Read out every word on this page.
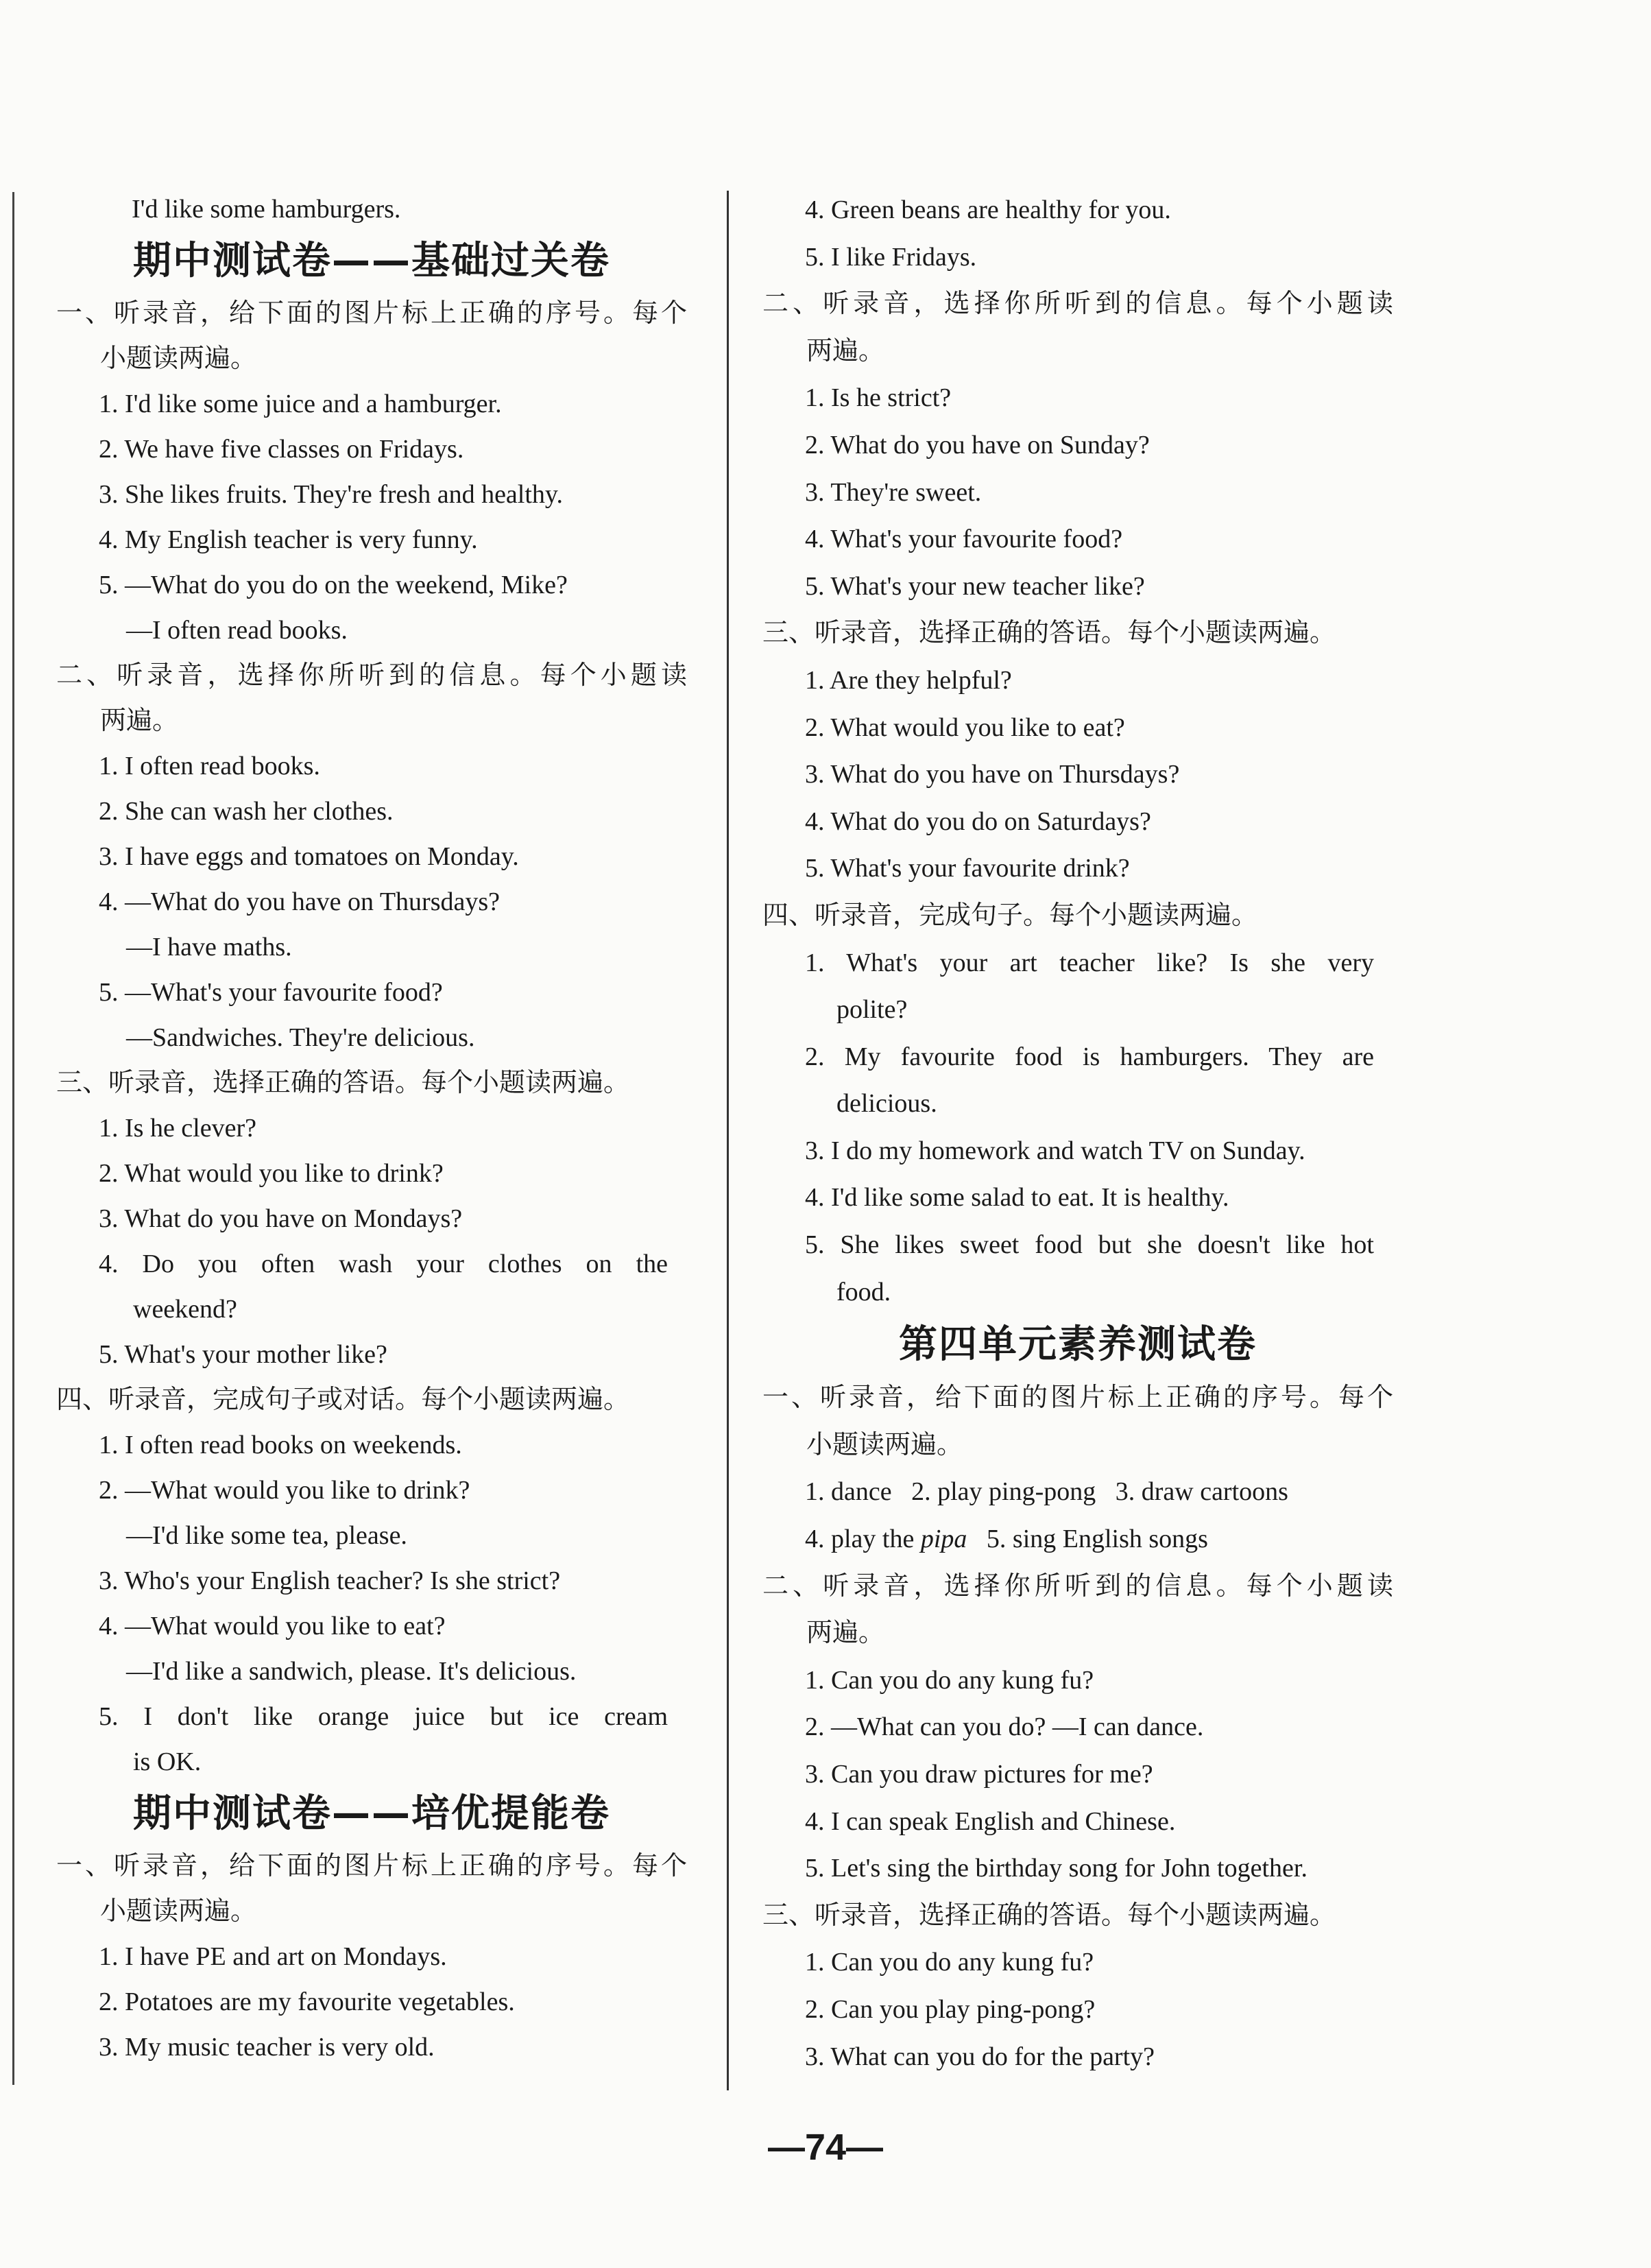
I'd like some hamburgers.
期中测试卷——基础过关卷
一、听录音，给下面的图片标上正确的序号。每个
小题读两遍。
1. I'd like some juice and a hamburger.
2. We have five classes on Fridays.
3. She likes fruits. They're fresh and healthy.
4. My English teacher is very funny.
5. —What do you do on the weekend, Mike?
—I often read books.
二、听录音，选择你所听到的信息。每个小题读
两遍。
1. I often read books.
2. She can wash her clothes.
3. I have eggs and tomatoes on Monday.
4. —What do you have on Thursdays?
—I have maths.
5. —What's your favourite food?
—Sandwiches. They're delicious.
三、听录音，选择正确的答语。每个小题读两遍。
1. Is he clever?
2. What would you like to drink?
3. What do you have on Mondays?
4. Do you often wash your clothes on the
weekend?
5. What's your mother like?
四、听录音，完成句子或对话。每个小题读两遍。
1. I often read books on weekends.
2. —What would you like to drink?
—I'd like some tea, please.
3. Who's your English teacher? Is she strict?
4. —What would you like to eat?
—I'd like a sandwich, please. It's delicious.
5. I don't like orange juice but ice cream
is OK.
期中测试卷——培优提能卷
一、听录音，给下面的图片标上正确的序号。每个
小题读两遍。
1. I have PE and art on Mondays.
2. Potatoes are my favourite vegetables.
3. My music teacher is very old.
4. Green beans are healthy for you.
5. I like Fridays.
二、听录音，选择你所听到的信息。每个小题读
两遍。
1. Is he strict?
2. What do you have on Sunday?
3. They're sweet.
4. What's your favourite food?
5. What's your new teacher like?
三、听录音，选择正确的答语。每个小题读两遍。
1. Are they helpful?
2. What would you like to eat?
3. What do you have on Thursdays?
4. What do you do on Saturdays?
5. What's your favourite drink?
四、听录音，完成句子。每个小题读两遍。
1. What's your art teacher like? Is she very
polite?
2. My favourite food is hamburgers. They are
delicious.
3. I do my homework and watch TV on Sunday.
4. I'd like some salad to eat. It is healthy.
5. She likes sweet food but she doesn't like hot
food.
第四单元素养测试卷
一、听录音，给下面的图片标上正确的序号。每个
小题读两遍。
1. dance   2. play ping-pong   3. draw cartoons
4. play the pipa   5. sing English songs
二、听录音，选择你所听到的信息。每个小题读
两遍。
1. Can you do any kung fu?
2. —What can you do? —I can dance.
3. Can you draw pictures for me?
4. I can speak English and Chinese.
5. Let's sing the birthday song for John together.
三、听录音，选择正确的答语。每个小题读两遍。
1. Can you do any kung fu?
2. Can you play ping-pong?
3. What can you do for the party?
—74—
